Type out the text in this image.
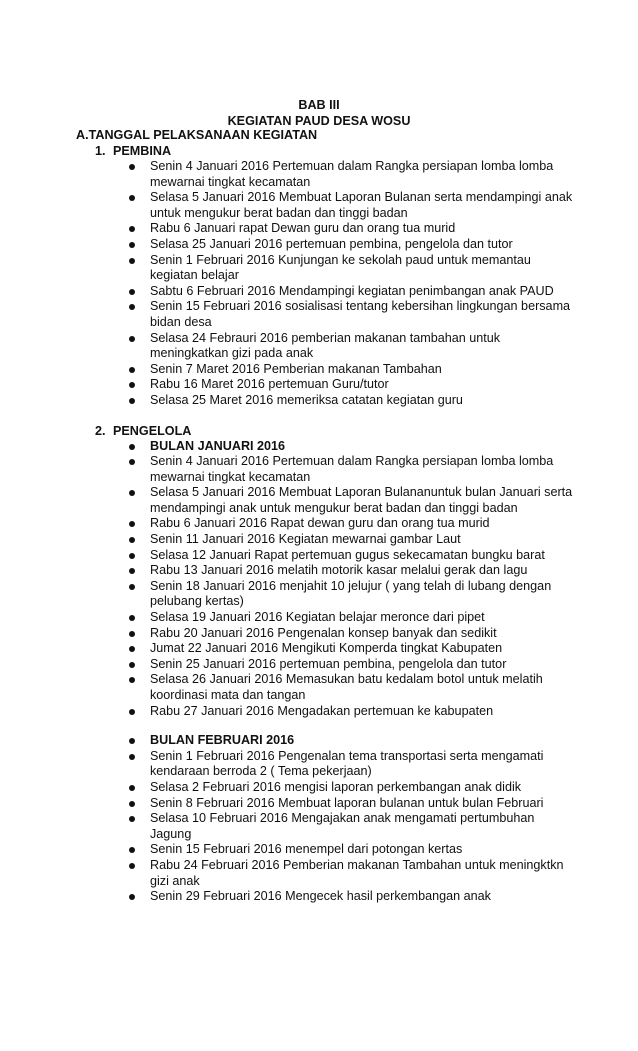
BAB III
KEGIATAN PAUD DESA WOSU
A.TANGGAL PELAKSANAAN KEGIATAN
1. PEMBINA
Senin 4 Januari 2016 Pertemuan dalam Rangka persiapan lomba lomba mewarnai tingkat kecamatan
Selasa 5 Januari 2016 Membuat Laporan Bulanan serta mendampingi anak untuk mengukur berat badan dan tinggi badan
Rabu 6 Januari rapat Dewan guru dan orang tua murid
Selasa 25 Januari 2016 pertemuan pembina, pengelola dan tutor
Senin 1 Februari 2016 Kunjungan ke sekolah paud untuk memantau kegiatan belajar
Sabtu 6 Februari 2016 Mendampingi kegiatan penimbangan anak PAUD
Senin 15 Februari 2016 sosialisasi tentang kebersihan lingkungan bersama bidan desa
Selasa 24 Febrauri 2016 pemberian makanan tambahan untuk meningkatkan gizi pada anak
Senin 7 Maret 2016 Pemberian makanan Tambahan
Rabu 16 Maret 2016 pertemuan Guru/tutor
Selasa 25 Maret 2016 memeriksa catatan kegiatan guru
2. PENGELOLA
BULAN JANUARI 2016
Senin 4 Januari 2016 Pertemuan dalam Rangka persiapan lomba lomba mewarnai tingkat kecamatan
Selasa 5 Januari 2016 Membuat Laporan Bulananuntuk bulan Januari serta mendampingi anak untuk mengukur berat badan dan tinggi badan
Rabu 6 Januari 2016 Rapat dewan guru dan orang tua murid
Senin 11 Januari 2016 Kegiatan mewarnai gambar Laut
Selasa 12 Januari Rapat pertemuan gugus sekecamatan bungku barat
Rabu 13 Januari 2016 melatih motorik kasar melalui gerak dan lagu
Senin 18 Januari 2016 menjahit 10 jelujur ( yang telah di lubang dengan pelubang kertas)
Selasa 19 Januari 2016 Kegiatan belajar meronce dari pipet
Rabu 20 Januari 2016 Pengenalan konsep banyak dan sedikit
Jumat 22 Januari 2016 Mengikuti Komperda tingkat Kabupaten
Senin 25 Januari 2016 pertemuan pembina, pengelola dan tutor
Selasa 26 Januari 2016 Memasukan batu kedalam botol untuk melatih koordinasi mata dan tangan
Rabu 27 Januari 2016 Mengadakan pertemuan ke kabupaten
BULAN FEBRUARI 2016
Senin 1 Februari 2016 Pengenalan tema transportasi serta mengamati kendaraan berroda 2 ( Tema pekerjaan)
Selasa 2 Februari 2016 mengisi laporan perkembangan anak didik
Senin 8 Februari 2016 Membuat laporan bulanan untuk bulan Februari
Selasa 10 Februari 2016 Mengajakan anak mengamati pertumbuhan Jagung
Senin 15 Februari 2016 menempel dari potongan kertas
Rabu 24 Februari 2016 Pemberian makanan Tambahan untuk meningktkn gizi anak
Senin 29 Februari 2016 Mengecek hasil perkembangan anak
